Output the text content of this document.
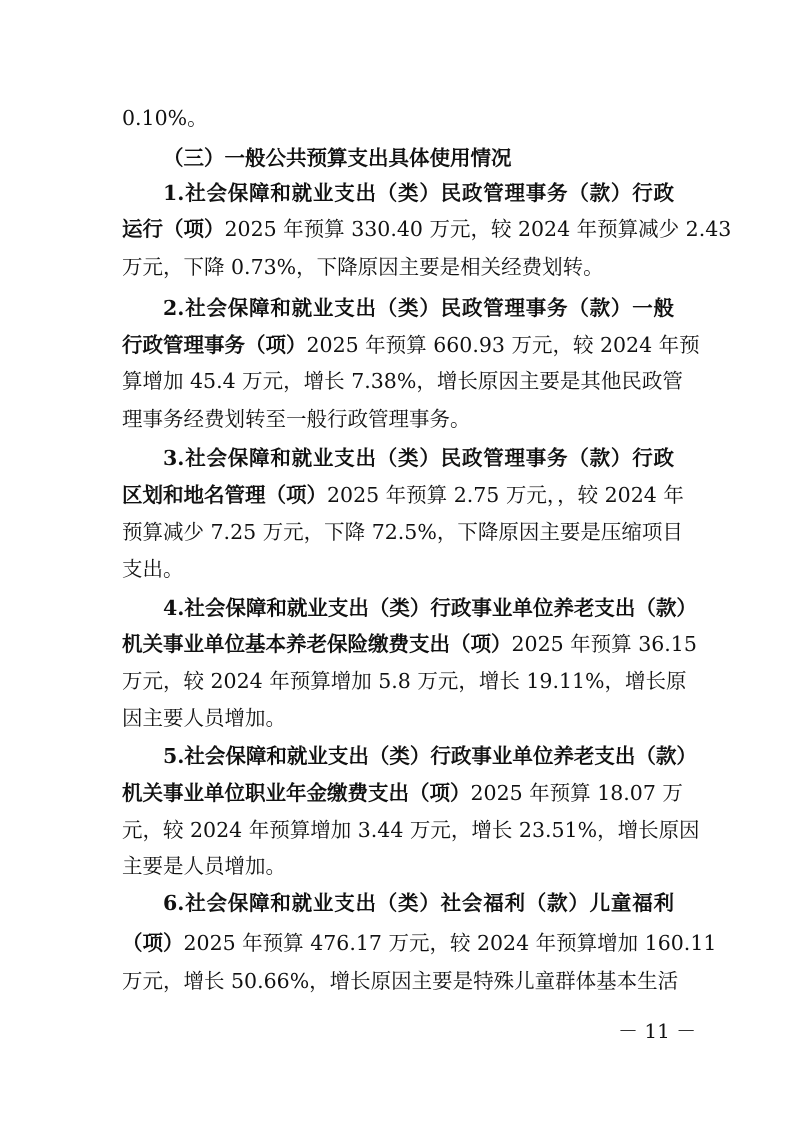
0.10%。
（三）一般公共预算支出具体使用情况
1.社会保障和就业支出（类）民政管理事务（款）行政
运行（项）2025 年预算 330.40 万元，较 2024 年预算减少 2.43
万元，下降 0.73%，下降原因主要是相关经费划转。
2.社会保障和就业支出（类）民政管理事务（款）一般
行政管理事务（项）2025 年预算 660.93 万元，较 2024 年预
算增加 45.4 万元，增长 7.38%，增长原因主要是其他民政管
理事务经费划转至一般行政管理事务。
3.社会保障和就业支出（类）民政管理事务（款）行政
区划和地名管理（项）2025 年预算 2.75 万元，，较 2024 年
预算减少 7.25 万元，下降 72.5%，下降原因主要是压缩项目
支出。
4.社会保障和就业支出（类）行政事业单位养老支出（款）
机关事业单位基本养老保险缴费支出（项）2025 年预算 36.15
万元，较 2024 年预算增加 5.8 万元，增长 19.11%，增长原
因主要人员增加。
5.社会保障和就业支出（类）行政事业单位养老支出（款）
机关事业单位职业年金缴费支出（项）2025 年预算 18.07 万
元，较 2024 年预算增加 3.44 万元，增长 23.51%，增长原因
主要是人员增加。
6.社会保障和就业支出（类）社会福利（款）儿童福利
（项）2025 年预算 476.17 万元，较 2024 年预算增加 160.11
万元，增长 50.66%，增长原因主要是特殊儿童群体基本生活
－ 11 －
